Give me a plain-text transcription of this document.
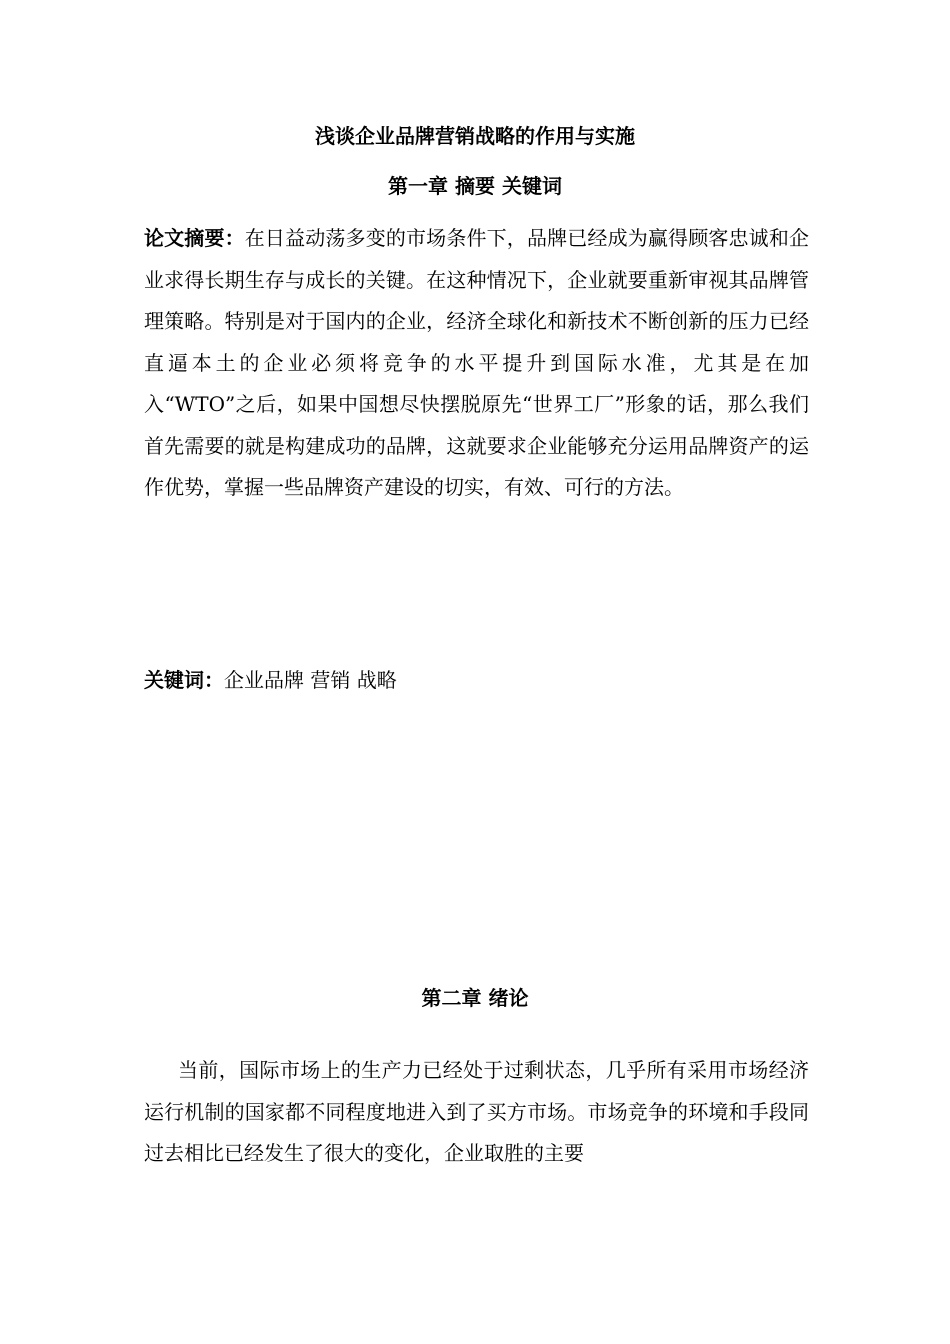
浅谈企业品牌营销战略的作用与实施
第一章 摘要 关键词

论文摘要：在日益动荡多变的市场条件下，品牌已经成为赢得顾客忠诚和企业求得长期生存与成长的关键。在这种情况下，企业就要重新审视其品牌管理策略。特别是对于国内的企业，经济全球化和新技术不断创新的压力已经直逼本土的企业必须将竞争的水平提升到国际水准，尤其是在加入“WTO”之后，如果中国想尽快摆脱原先“世界工厂”形象的话，那么我们首先需要的就是构建成功的品牌，这就要求企业能够充分运用品牌资产的运作优势，掌握一些品牌资产建设的切实，有效、可行的方法。

关键词：企业品牌 营销 战略

第二章 绪论

当前，国际市场上的生产力已经处于过剩状态，几乎所有采用市场经济运行机制的国家都不同程度地进入到了买方市场。市场竞争的环境和手段同过去相比已经发生了很大的变化，企业取胜的主要
